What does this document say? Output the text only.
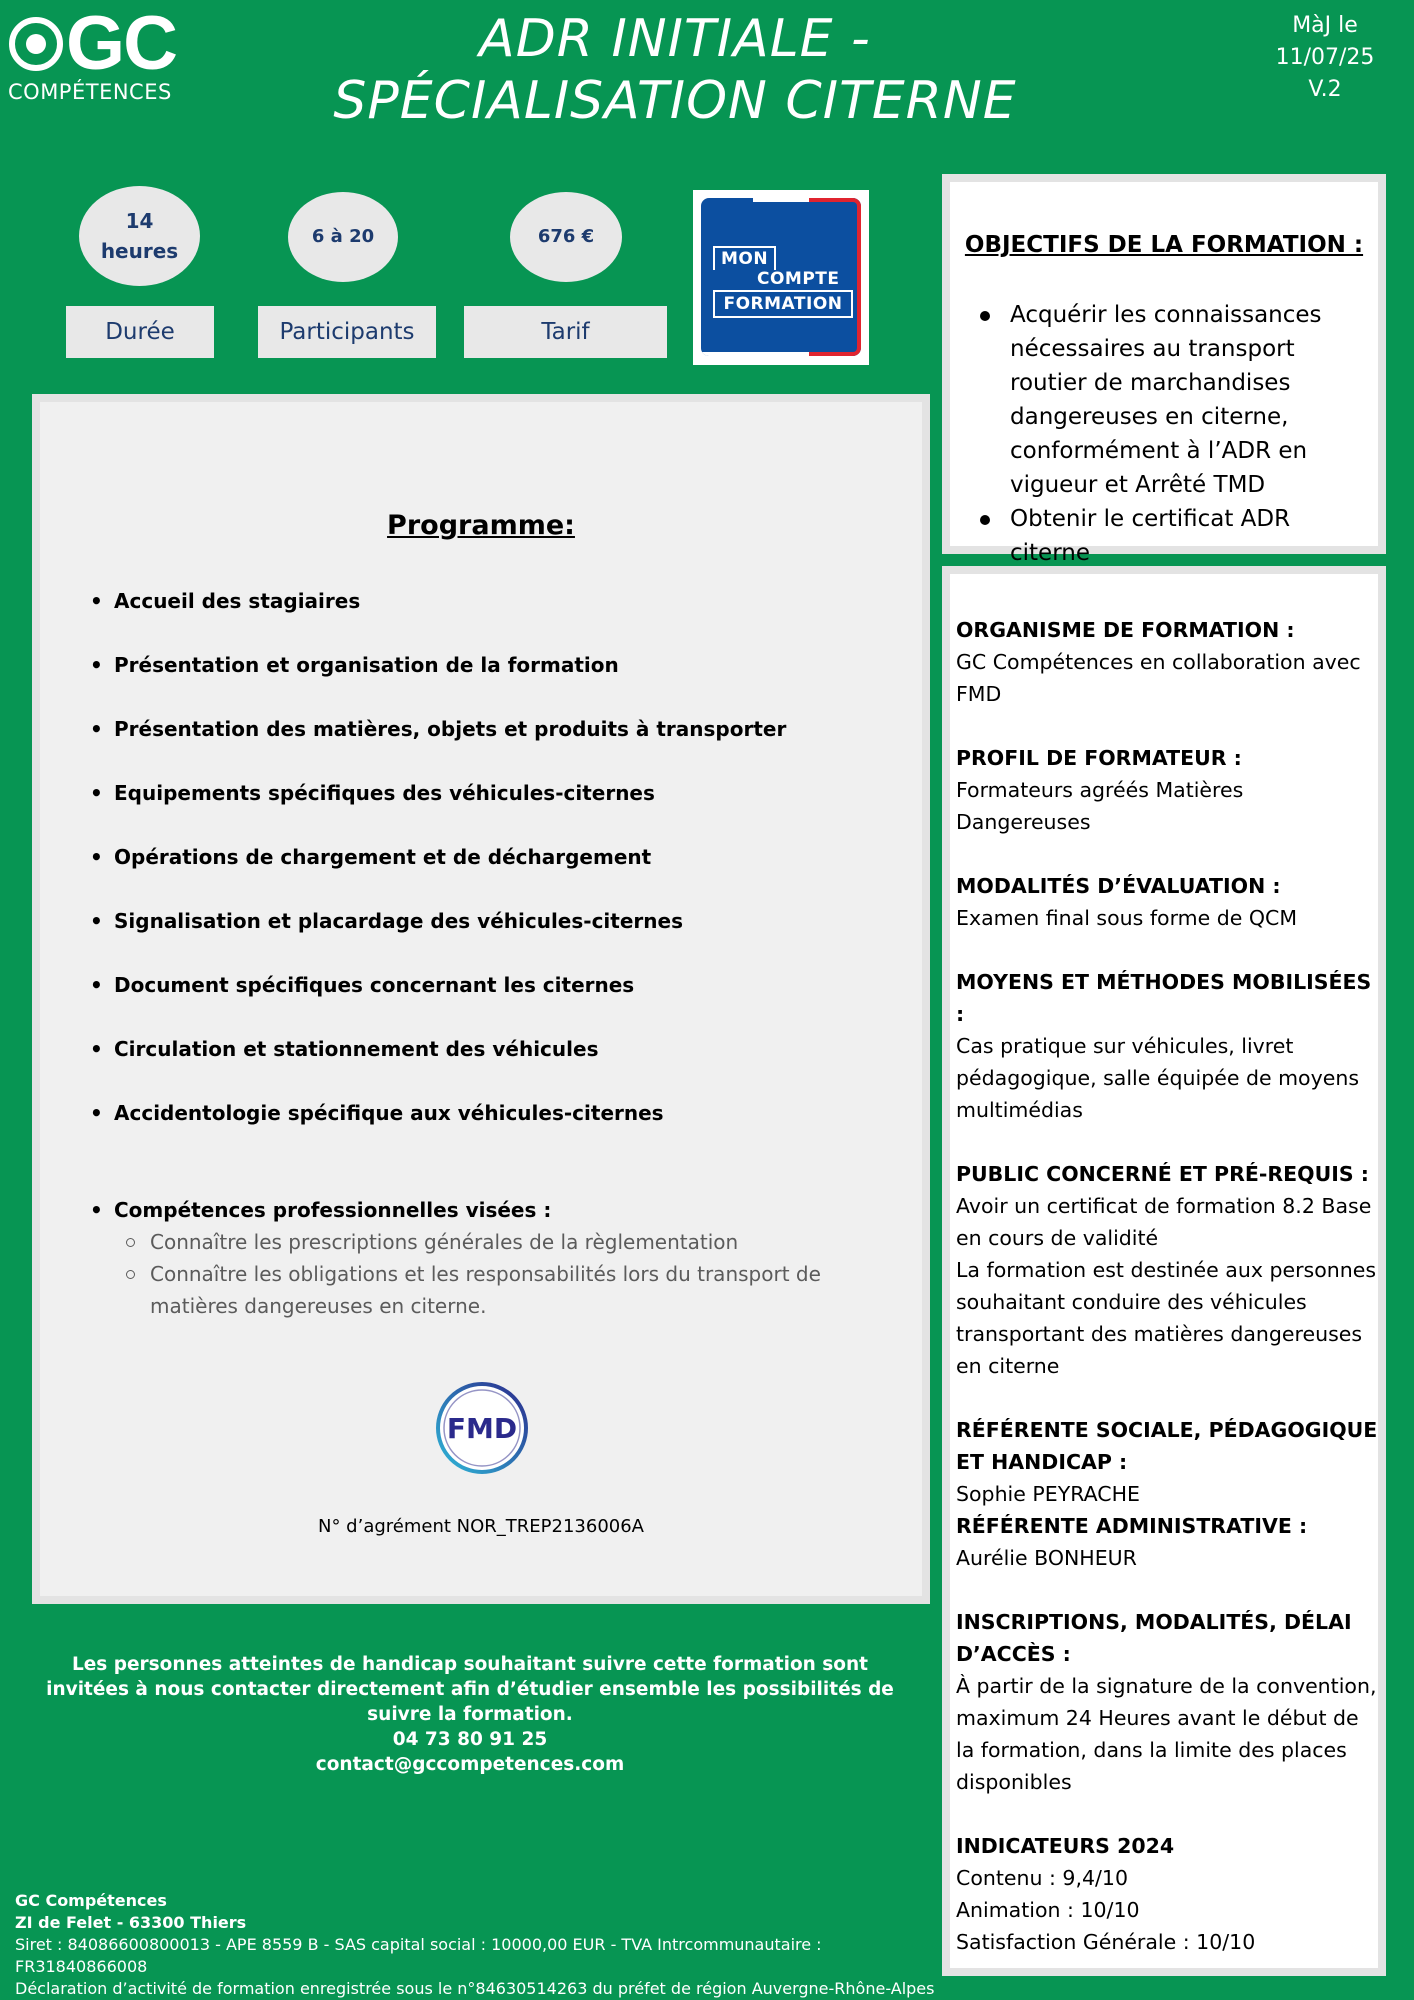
GC
COMPÉTENCES
ADR INITIALE - SPÉCIALISATION CITERNE
MàJ le
11/07/25
V.2
14
heures
6 à 20	676 €
Durée	Participants	Tarif
MON
COMPTE
FORMATION
Programme:
• Accueil des stagiaires
• Présentation et organisation de la formation
• Présentation des matières, objets et produits à transporter
• Equipements spécifiques des véhicules-citernes
• Opérations de chargement et de déchargement
• Signalisation et placardage des véhicules-citernes
• Document spécifiques concernant les citernes
• Circulation et stationnement des véhicules
• Accidentologie spécifique aux véhicules-citernes
• Compétences professionnelles visées :
Connaître les prescriptions générales de la règlementation
Connaître les obligations et les responsabilités lors du transport de matières dangereuses en citerne.
FMD
N° d’agrément NOR_TREP2136006A
OBJECTIFS DE LA FORMATION :
Acquérir les connaissances nécessaires au transport routier de marchandises dangereuses en citerne, conformément à l’ADR en vigueur et Arrêté TMD
Obtenir le certificat ADR citerne
ORGANISME DE FORMATION :
GC Compétences en collaboration avec FMD
PROFIL DE FORMATEUR :
Formateurs agréés Matières Dangereuses
MODALITÉS D’ÉVALUATION :
Examen final sous forme de QCM
MOYENS ET MÉTHODES MOBILISÉES :
Cas pratique sur véhicules, livret pédagogique, salle équipée de moyens multimédias
PUBLIC CONCERNÉ ET PRÉ-REQUIS :
Avoir un certificat de formation 8.2 Base en cours de validité
La formation est destinée aux personnes souhaitant conduire des véhicules transportant des matières dangereuses en citerne
RÉFÉRENTE SOCIALE, PÉDAGOGIQUE ET HANDICAP :
Sophie PEYRACHE
RÉFÉRENTE ADMINISTRATIVE :
Aurélie BONHEUR
INSCRIPTIONS, MODALITÉS, DÉLAI D’ACCÈS :
À partir de la signature de la convention, maximum 24 Heures avant le début de la formation, dans la limite des places disponibles
INDICATEURS 2024
Contenu : 9,4/10
Animation : 10/10
Satisfaction Générale : 10/10
Les personnes atteintes de handicap souhaitant suivre cette formation sont invitées à nous contacter directement afin d’étudier ensemble les possibilités de suivre la formation.
04 73 80 91 25
contact@gccompetences.com
GC Compétences
ZI de Felet - 63300 Thiers
Siret : 84086600800013 - APE 8559 B - SAS capital social : 10000,00 EUR - TVA Intrcommunautaire : FR31840866008
Déclaration d’activité de formation enregistrée sous le n°84630514263 du préfet de région Auvergne-Rhône-Alpes
